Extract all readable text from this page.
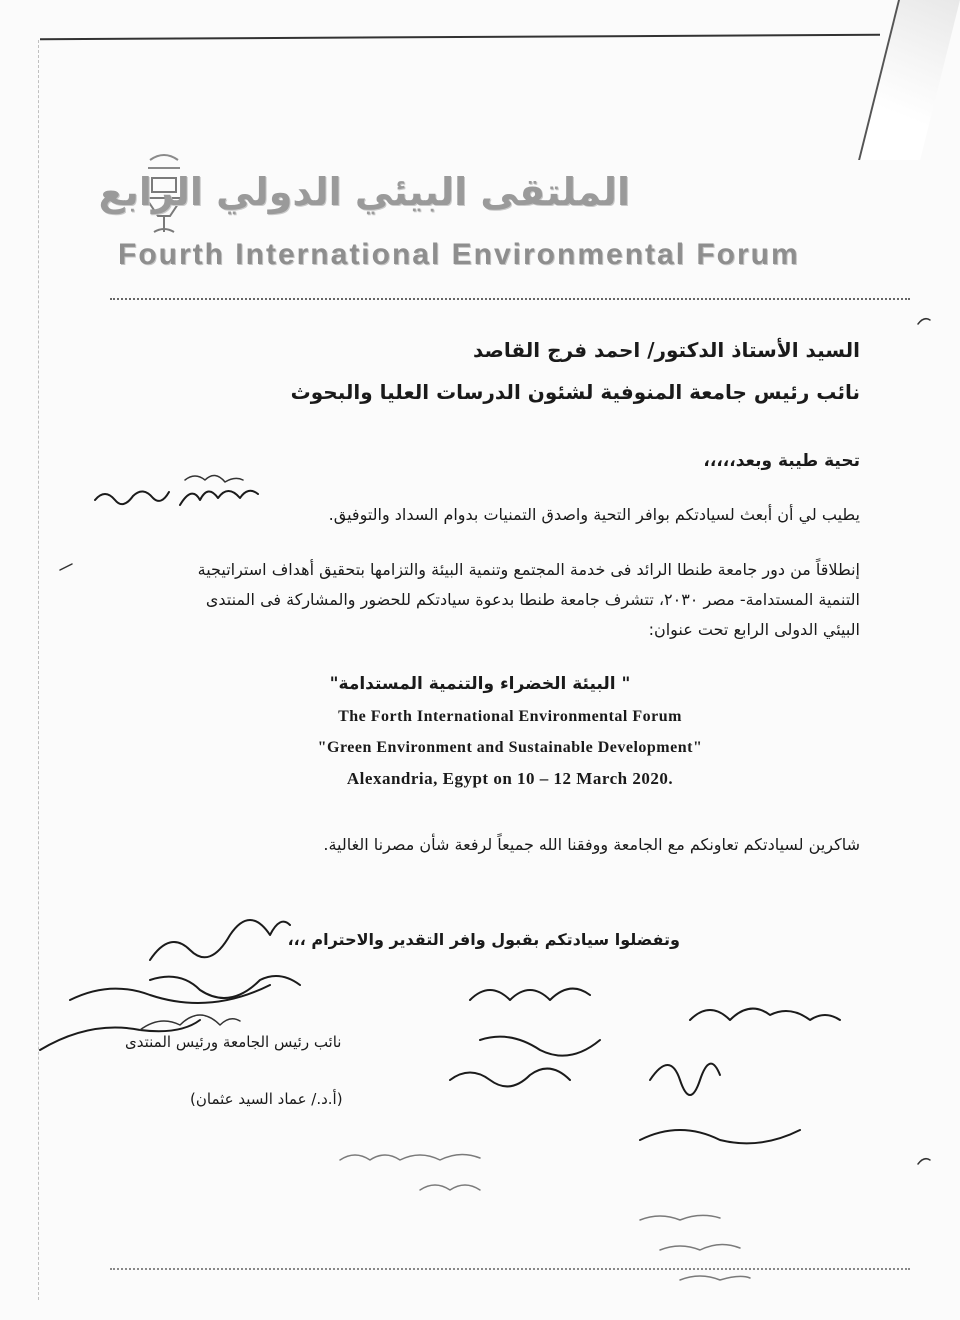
الملتقى البيئي الدولي الرابع
Fourth International Environmental Forum
السيد الأستاذ الدكتور/ احمد فرج القاصد
نائب رئيس جامعة المنوفية لشئون الدرسات العليا والبحوث
تحية طيبة وبعد،،،،،
يطيب لي أن أبعث لسيادتكم بوافر التحية واصدق التمنيات بدوام السداد والتوفيق.
إنطلاقاً من دور جامعة طنطا الرائد فى خدمة المجتمع وتنمية البيئة والتزامها بتحقيق أهداف استراتيجية
التنمية المستدامة- مصر ٢٠٣٠، تتشرف جامعة طنطا بدعوة سيادتكم للحضور والمشاركة فى المنتدى
البيئي الدولى الرابع تحت عنوان:
" البيئة الخضراء والتنمية المستدامة"
The Forth International Environmental Forum
"Green Environment and Sustainable Development"
Alexandria, Egypt on 10 – 12 March 2020.
شاكرين لسيادتكم تعاونكم مع الجامعة ووفقنا الله جميعاً لرفعة شأن مصرنا الغالية.
وتفضلوا سيادتكم بقبول وافر التقدير والاحترام ،،،
نائب رئيس الجامعة ورئيس المنتدى
(أ.د./ عماد السيد عثمان)
